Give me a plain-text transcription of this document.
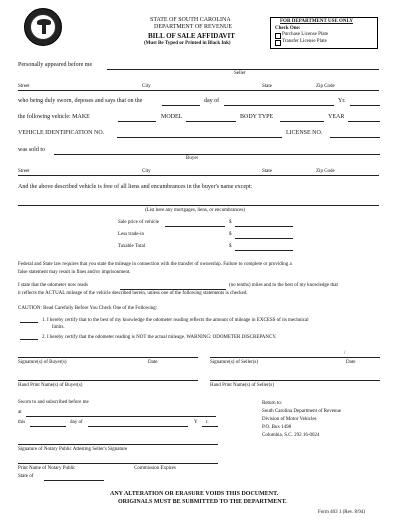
STATE OF SOUTH CAROLINA
DEPARTMENT OF REVENUE
BILL OF SALE AFFIDAVIT
(Must Be Typed or Printed in Black Ink)
FOR DEPARTMENT USE ONLY
Check One:
Purchase License Plate
Transfer License Plate
Personally appeared before me
Seller
Street	City	State	Zip Code
who being duly sworn, deposes and says that on the	day of	Yr.
the following vehicle: MAKE	MODEL	BODY TYPE	YEAR
VEHICLE IDENTIFICATION NO.	LICENSE NO.
was sold to
Buyer
Street	City	State	Zip Code
And the above described vehicle is free of all liens and encumbrances in the buyer's name except:
(List here any mortgages, liens, or encumbrances)
Sale price of vehicle	$
Less trade-in	$
Taxable Total	$
Federal and State law requires that you state the mileage in connection with the transfer of ownership. Failure to complete or providing a
false statement may result in fines and/or imprisonment.
I state that the odometer now reads	(no tenths) miles and to the best of my knowledge that
it reflects the ACTUAL mileage of the vehicle described herein, unless one of the following statements is checked.
CAUTION: Read Carefully Before You Check One of the Following:
1. I hereby certify that to the best of my knowledge the odometer reading reflects the amount of mileage in EXCESS of its mechnical
limits.
2. I hereby certify that the odometer reading is NOT the actual mileage. WARNING: ODOMETER DISCREPANCY.
Signature(s) of Buyer(s)	Date
/
Signature(s) of Seller(s)	Date
Hand Print Name(s) of Buyer(s)	Hand Print Name(s) of Seller(s)
Sworn to and subscribed before me
at
this	day of	Y r.
Return to:
South Carolina Department of Revenue
Division of Motor Vehicles
P.O. Box 1498
Columbia, S.C. 292 16-0024
Signature of Notary Public Attesting Seller's Signature
Print Name of Notary Public	Commission Expires
State of
ANY ALTERATION OR ERASURE VOIDS THIS DOCUMENT.
ORIGINALS MUST BE SUBMITTED TO THE DEPARTMENT.
Form 403 1 (Rev. 8/94)
